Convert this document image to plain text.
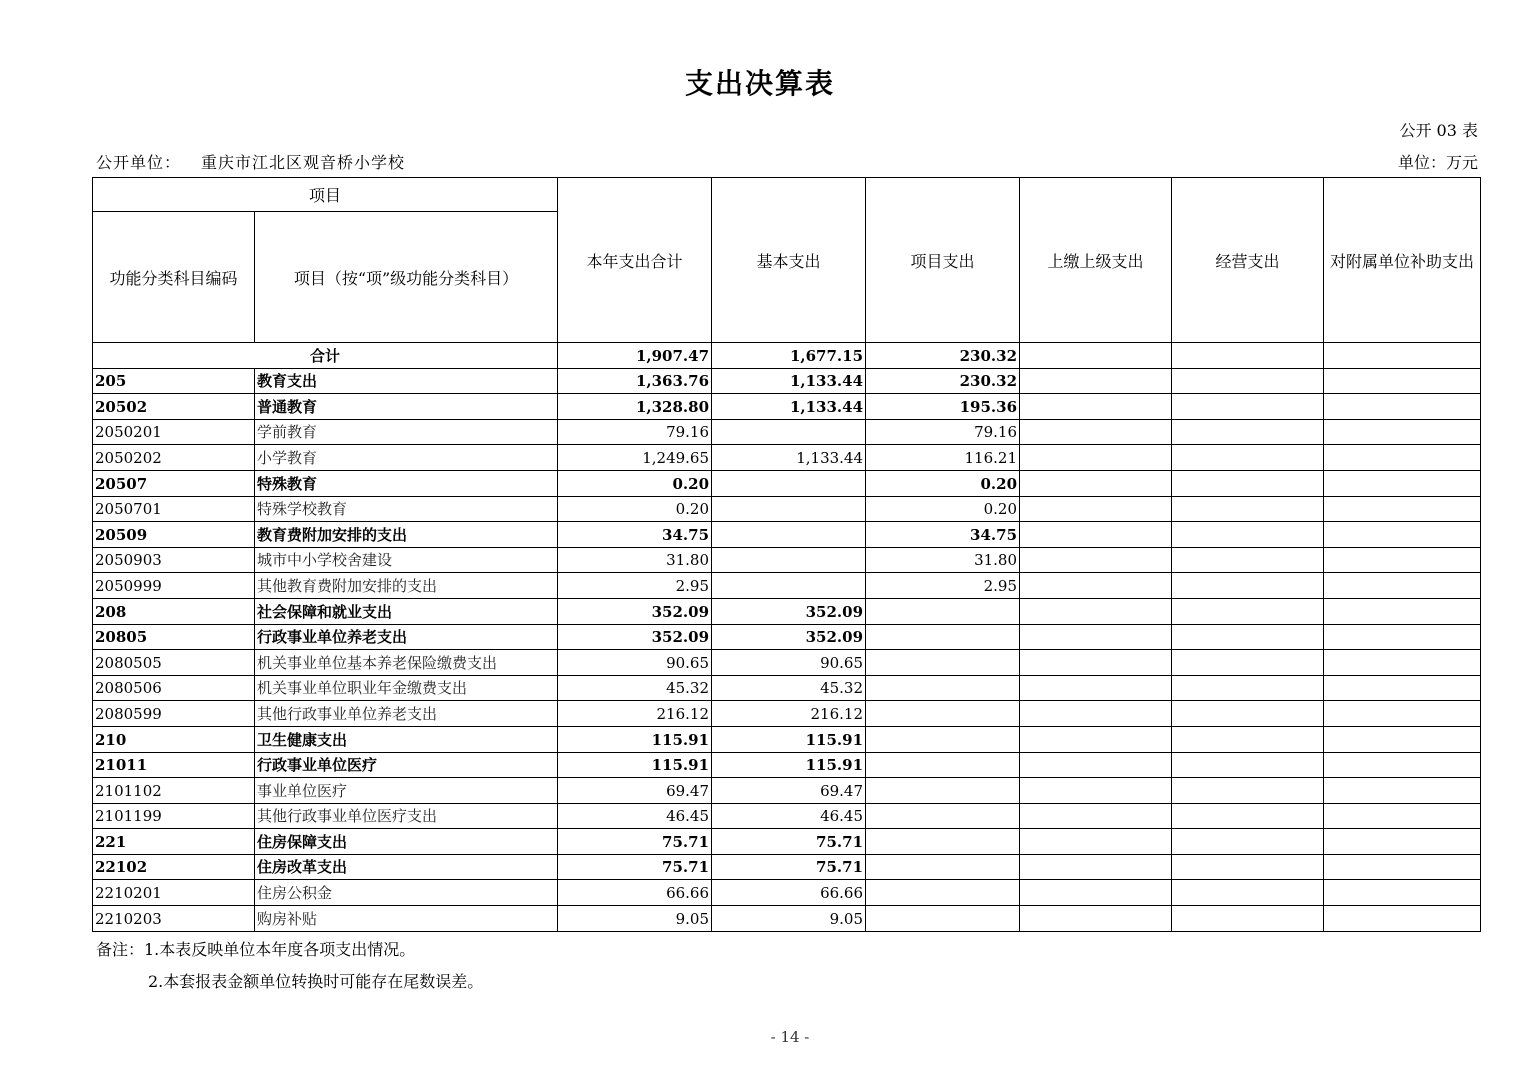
支出决算表
公开 03 表
公开单位： 重庆市江北区观音桥小学校	单位：万元
项目		本年支出合计	基本支出	项目支出	上缴上级支出	经营支出	对附属单位补助支出
功能分类科目编码	项目（按“项”级功能分类科目）						
合计		1,907.47	1,677.15	230.32			
205	教育支出	1,363.76	1,133.44	230.32			
20502	普通教育	1,328.80	1,133.44	195.36			
2050201	学前教育	79.16		79.16			
2050202	小学教育	1,249.65	1,133.44	116.21			
20507	特殊教育	0.20		0.20			
2050701	特殊学校教育	0.20		0.20			
20509	教育费附加安排的支出	34.75		34.75			
2050903	城市中小学校舍建设	31.80		31.80			
2050999	其他教育费附加安排的支出	2.95		2.95			
208	社会保障和就业支出	352.09	352.09				
20805	行政事业单位养老支出	352.09	352.09				
2080505	机关事业单位基本养老保险缴费支出	90.65	90.65				
2080506	机关事业单位职业年金缴费支出	45.32	45.32				
2080599	其他行政事业单位养老支出	216.12	216.12				
210	卫生健康支出	115.91	115.91				
21011	行政事业单位医疗	115.91	115.91				
2101102	事业单位医疗	69.47	69.47				
2101199	其他行政事业单位医疗支出	46.45	46.45				
221	住房保障支出	75.71	75.71				
22102	住房改革支出	75.71	75.71				
2210201	住房公积金	66.66	66.66				
2210203	购房补贴	9.05	9.05				
备注：1.本表反映单位本年度各项支出情况。
2.本套报表金额单位转换时可能存在尾数误差。
- 14 -
